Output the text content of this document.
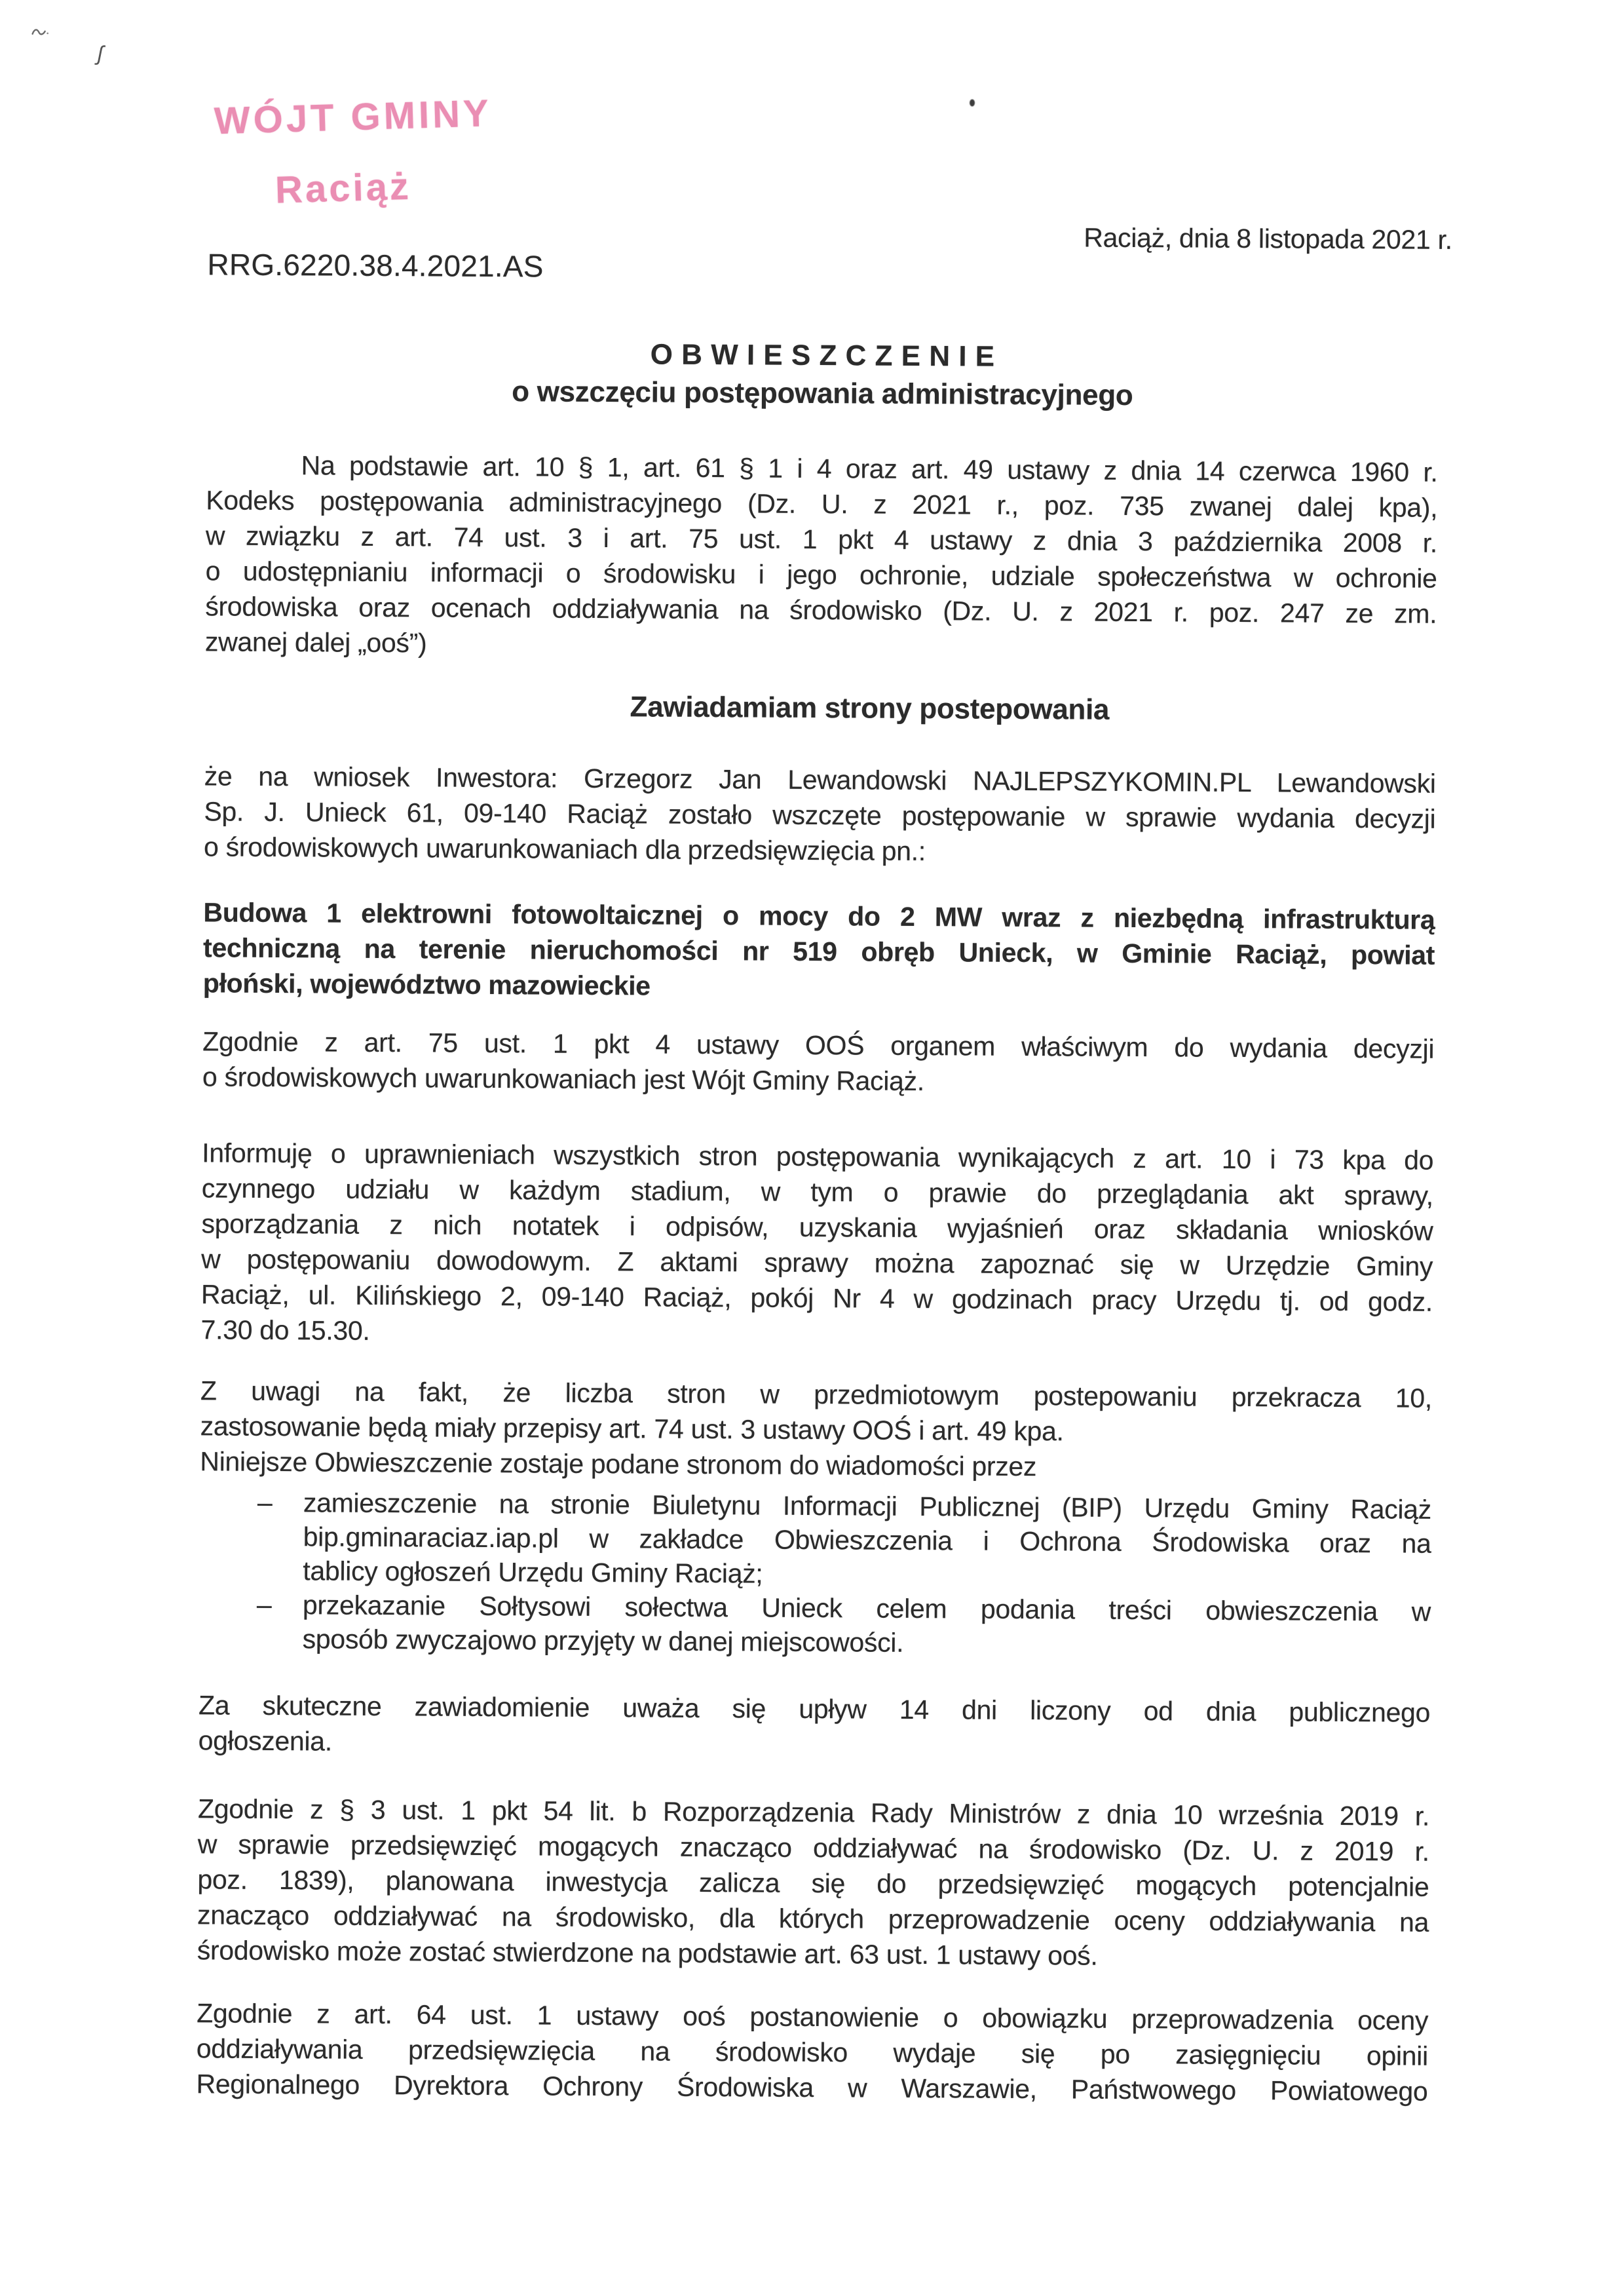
WÓJT GMINY
Raciąż
Raciąż, dnia 8 listopada 2021 r.
RRG.6220.38.4.2021.AS
O B W I E S Z C Z E N I E
o wszczęciu postępowania administracyjnego
Na podstawie art. 10 § 1, art. 61 § 1 i 4 oraz art. 49 ustawy z dnia 14 czerwca 1960 r.
Kodeks postępowania administracyjnego (Dz. U. z 2021 r., poz. 735 zwanej dalej kpa),
w związku z art. 74 ust. 3 i art. 75 ust. 1 pkt 4 ustawy z dnia 3 października 2008 r.
o udostępnianiu informacji o środowisku i jego ochronie, udziale społeczeństwa w ochronie
środowiska oraz ocenach oddziaływania na środowisko (Dz. U. z 2021 r. poz. 247 ze zm.
zwanej dalej „ooś”)
Zawiadamiam strony postepowania
że na wniosek Inwestora: Grzegorz Jan Lewandowski NAJLEPSZYKOMIN.PL Lewandowski
Sp. J. Unieck 61, 09-140 Raciąż zostało wszczęte postępowanie w sprawie wydania decyzji
o środowiskowych uwarunkowaniach dla przedsięwzięcia pn.:
Budowa 1 elektrowni fotowoltaicznej o mocy do 2 MW wraz z niezbędną infrastrukturą
techniczną na terenie nieruchomości nr 519 obręb Unieck, w Gminie Raciąż, powiat
płoński, województwo mazowieckie
Zgodnie z art. 75 ust. 1 pkt 4 ustawy OOŚ organem właściwym do wydania decyzji
o środowiskowych uwarunkowaniach jest Wójt Gminy Raciąż.
Informuję o uprawnieniach wszystkich stron postępowania wynikających z art. 10 i 73 kpa do
czynnego udziału w każdym stadium, w tym o prawie do przeglądania akt sprawy,
sporządzania z nich notatek i odpisów, uzyskania wyjaśnień oraz składania wniosków
w postępowaniu dowodowym. Z aktami sprawy można zapoznać się w Urzędzie Gminy
Raciąż, ul. Kilińskiego 2, 09-140 Raciąż, pokój Nr 4 w godzinach pracy Urzędu tj. od godz.
7.30 do 15.30.
Z uwagi na fakt, że liczba stron w przedmiotowym postepowaniu przekracza 10,
zastosowanie będą miały przepisy art. 74 ust. 3 ustawy OOŚ i art. 49 kpa.
Niniejsze Obwieszczenie zostaje podane stronom do wiadomości przez
– zamieszczenie na stronie Biuletynu Informacji Publicznej (BIP) Urzędu Gminy Raciąż
bip.gminaraciaz.iap.pl w zakładce Obwieszczenia i Ochrona Środowiska oraz na
tablicy ogłoszeń Urzędu Gminy Raciąż;
– przekazanie Sołtysowi sołectwa Unieck celem podania treści obwieszczenia w
sposób zwyczajowo przyjęty w danej miejscowości.
Za skuteczne zawiadomienie uważa się upływ 14 dni liczony od dnia publicznego
ogłoszenia.
Zgodnie z § 3 ust. 1 pkt 54 lit. b Rozporządzenia Rady Ministrów z dnia 10 września 2019 r.
w sprawie przedsięwzięć mogących znacząco oddziaływać na środowisko (Dz. U. z 2019 r.
poz. 1839), planowana inwestycja zalicza się do przedsięwzięć mogących potencjalnie
znacząco oddziaływać na środowisko, dla których przeprowadzenie oceny oddziaływania na
środowisko może zostać stwierdzone na podstawie art. 63 ust. 1 ustawy ooś.
Zgodnie z art. 64 ust. 1 ustawy ooś postanowienie o obowiązku przeprowadzenia oceny
oddziaływania przedsięwzięcia na środowisko wydaje się po zasięgnięciu opinii
Regionalnego Dyrektora Ochrony Środowiska w Warszawie, Państwowego Powiatowego
ʃ
